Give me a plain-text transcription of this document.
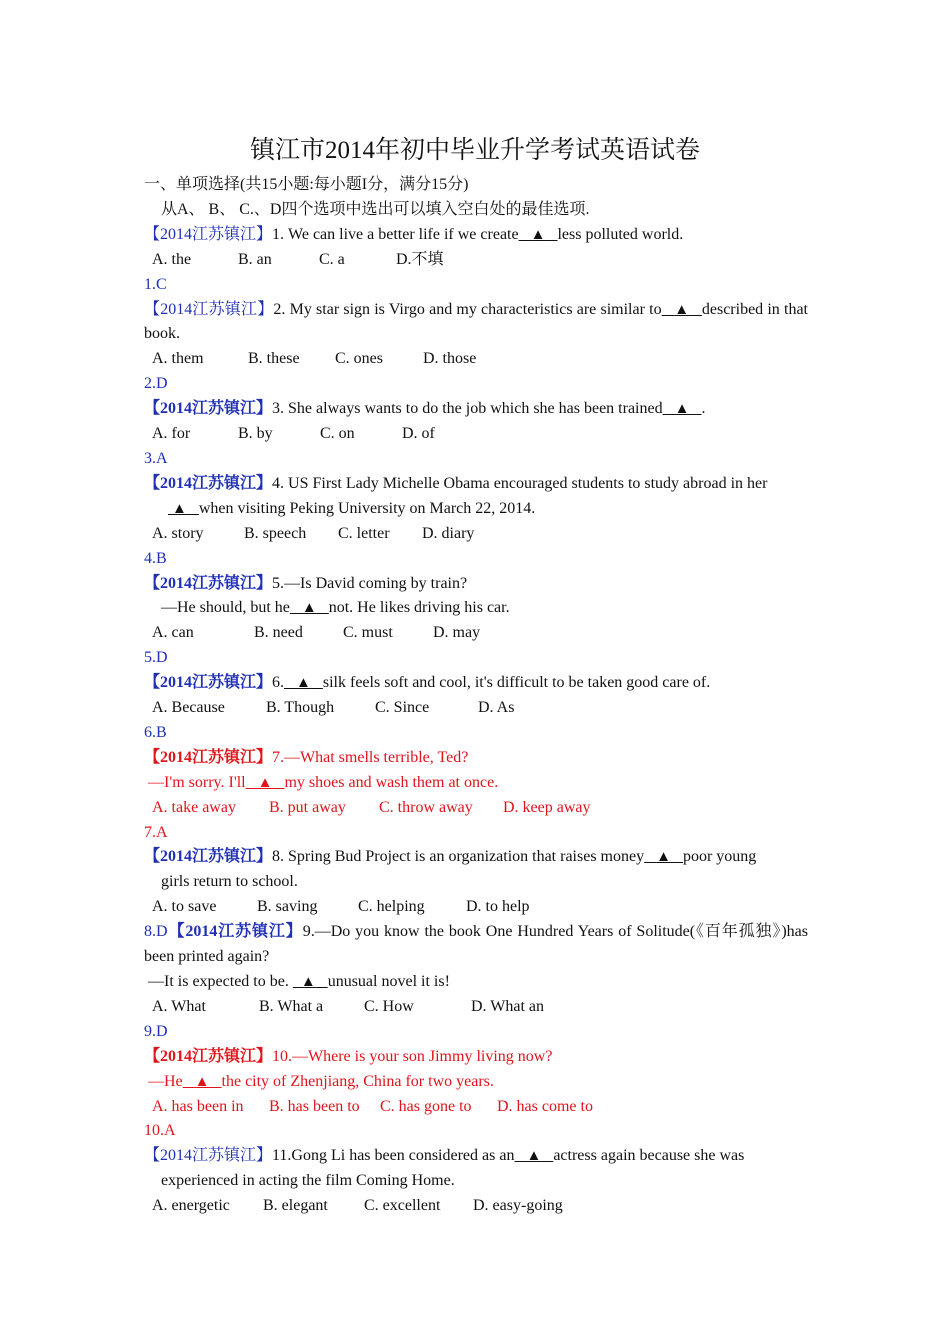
镇江市2014年初中毕业升学考试英语试卷
一、单项选择(共15小题:每小题I分，满分15分)
从A、 B、 C.、D四个选项中选出可以填入空白处的最佳选项.
【2014江苏镇江】1. We can live a better life if we create ▲ less polluted world.
A. the	B. an	C. a	D.不填
1.C
【2014江苏镇江】2. My star sign is Virgo and my characteristics are similar to ▲ described in that book.
A. them	B. these C. ones	D. those
2.D
【2014江苏镇江】3. She always wants to do the job which she has been trained ▲ .
A. for	B. by	C. on	D. of
3.A
【2014江苏镇江】4. US First Lady Michelle Obama encouraged students to study abroad in her
▲ when visiting Peking University on March 22, 2014.
A. story	B. speech C. letter D. diary
4.B
【2014江苏镇江】5.—Is David coming by train?
—He should, but he ▲ not. He likes driving his car.
A. can	B. need	C. must	D. may
5.D
【2014江苏镇江】6. ▲ silk feels soft and cool, it's difficult to be taken good care of.
A. Because	B. Though	C. Since	D. As
6.B
【2014江苏镇江】7.—What smells terrible, Ted?
—I'm sorry. I'll ▲ my shoes and wash them at once.
A. take away B. put away C. throw away D. keep away
7.A
【2014江苏镇江】8. Spring Bud Project is an organization that raises money ▲ poor young
girls return to school.
A. to save	B. saving	C. helping	D. to help
8.D【2014江苏镇江】9.—Do you know the book One Hundred Years of Solitude(《百年孤独》)has been printed again?
—It is expected to be. ▲ unusual novel it is!
A. What	B. What a	C. How	D. What an
9.D
【2014江苏镇江】10.—Where is your son Jimmy living now?
—He ▲ the city of Zhenjiang, China for two years.
A. has been in B. has been to C. has gone to D. has come to
10.A
【2014江苏镇江】11.Gong Li has been considered as an ▲ actress again because she was
experienced in acting the film Coming Home.
A. energetic B. elegant C. excellent D. easy-going
